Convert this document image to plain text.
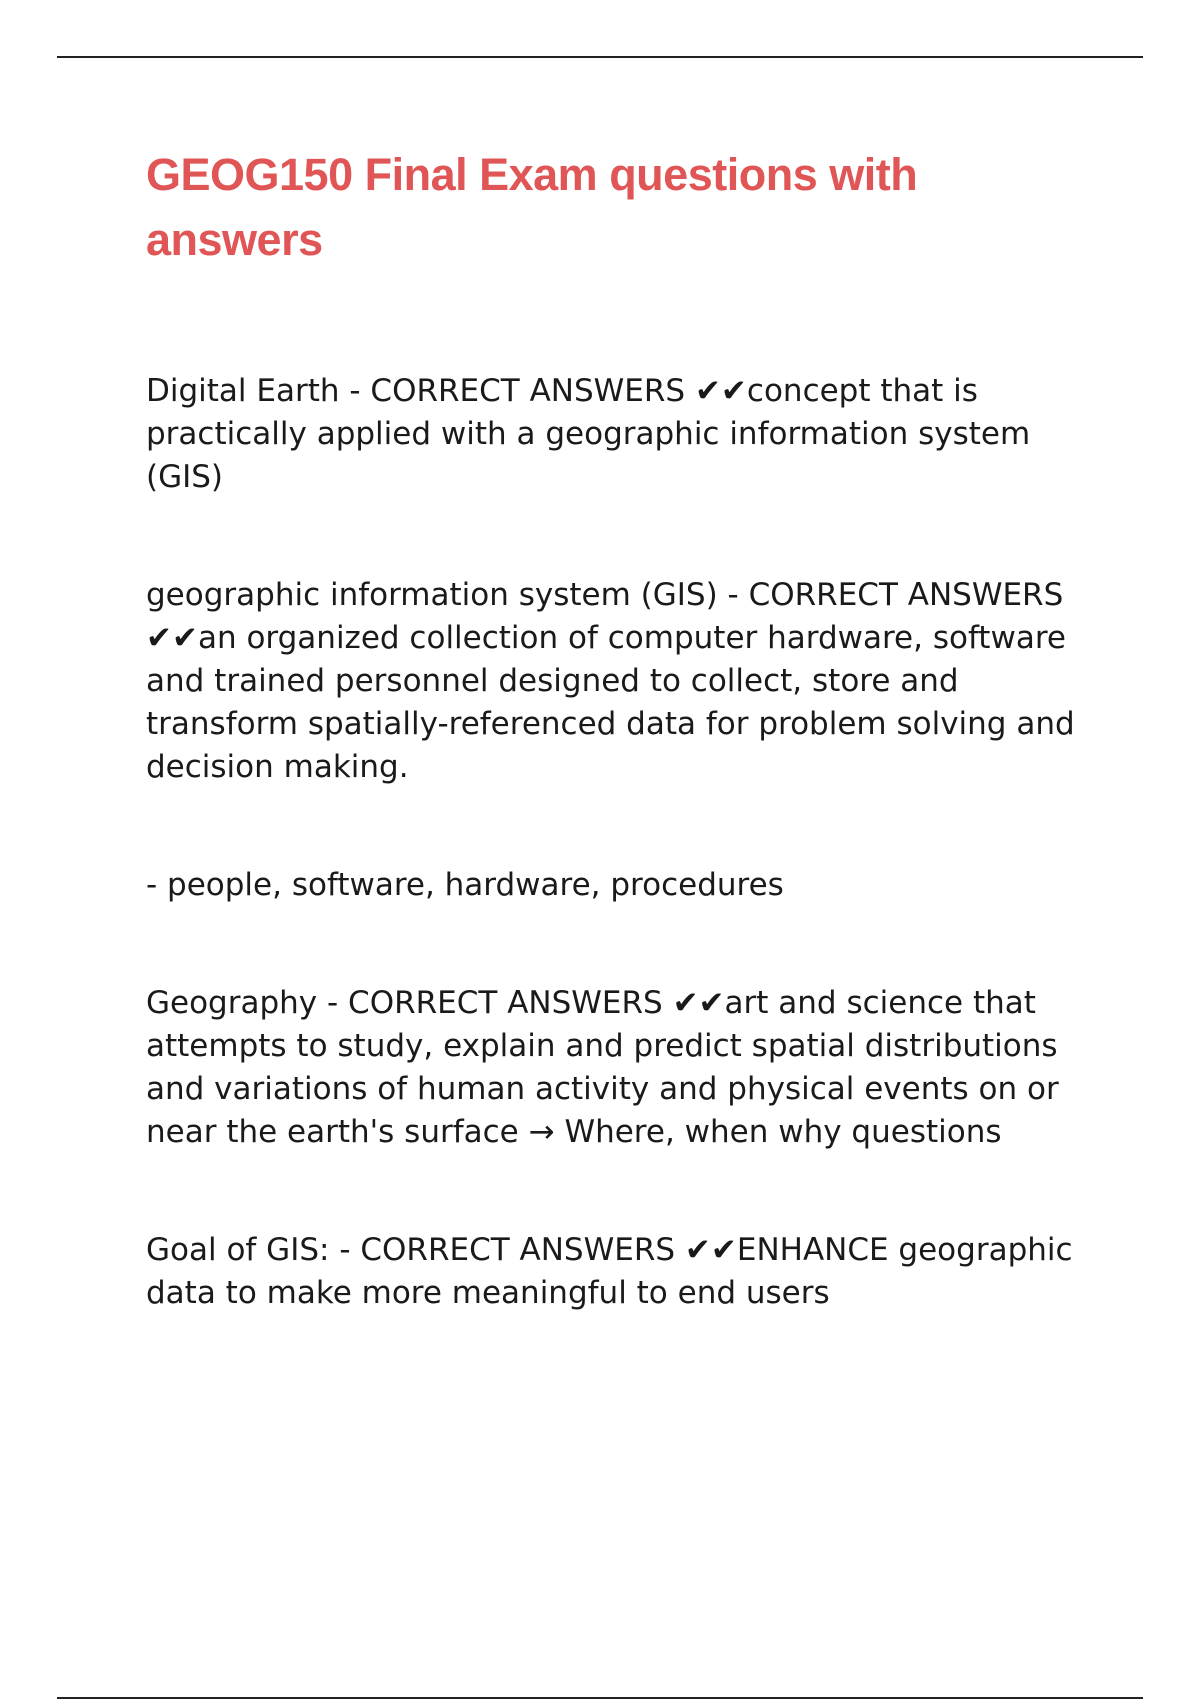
GEOG150 Final Exam questions with answers

Digital Earth - CORRECT ANSWERS ✔✔concept that is practically applied with a geographic information system (GIS)

geographic information system (GIS) - CORRECT ANSWERS ✔✔an organized collection of computer hardware, software and trained personnel designed to collect, store and transform spatially-referenced data for problem solving and decision making.

- people, software, hardware, procedures

Geography - CORRECT ANSWERS ✔✔art and science that attempts to study, explain and predict spatial distributions and variations of human activity and physical events on or near the earth's surface → Where, when why questions

Goal of GIS: - CORRECT ANSWERS ✔✔ENHANCE geographic data to make more meaningful to end users
